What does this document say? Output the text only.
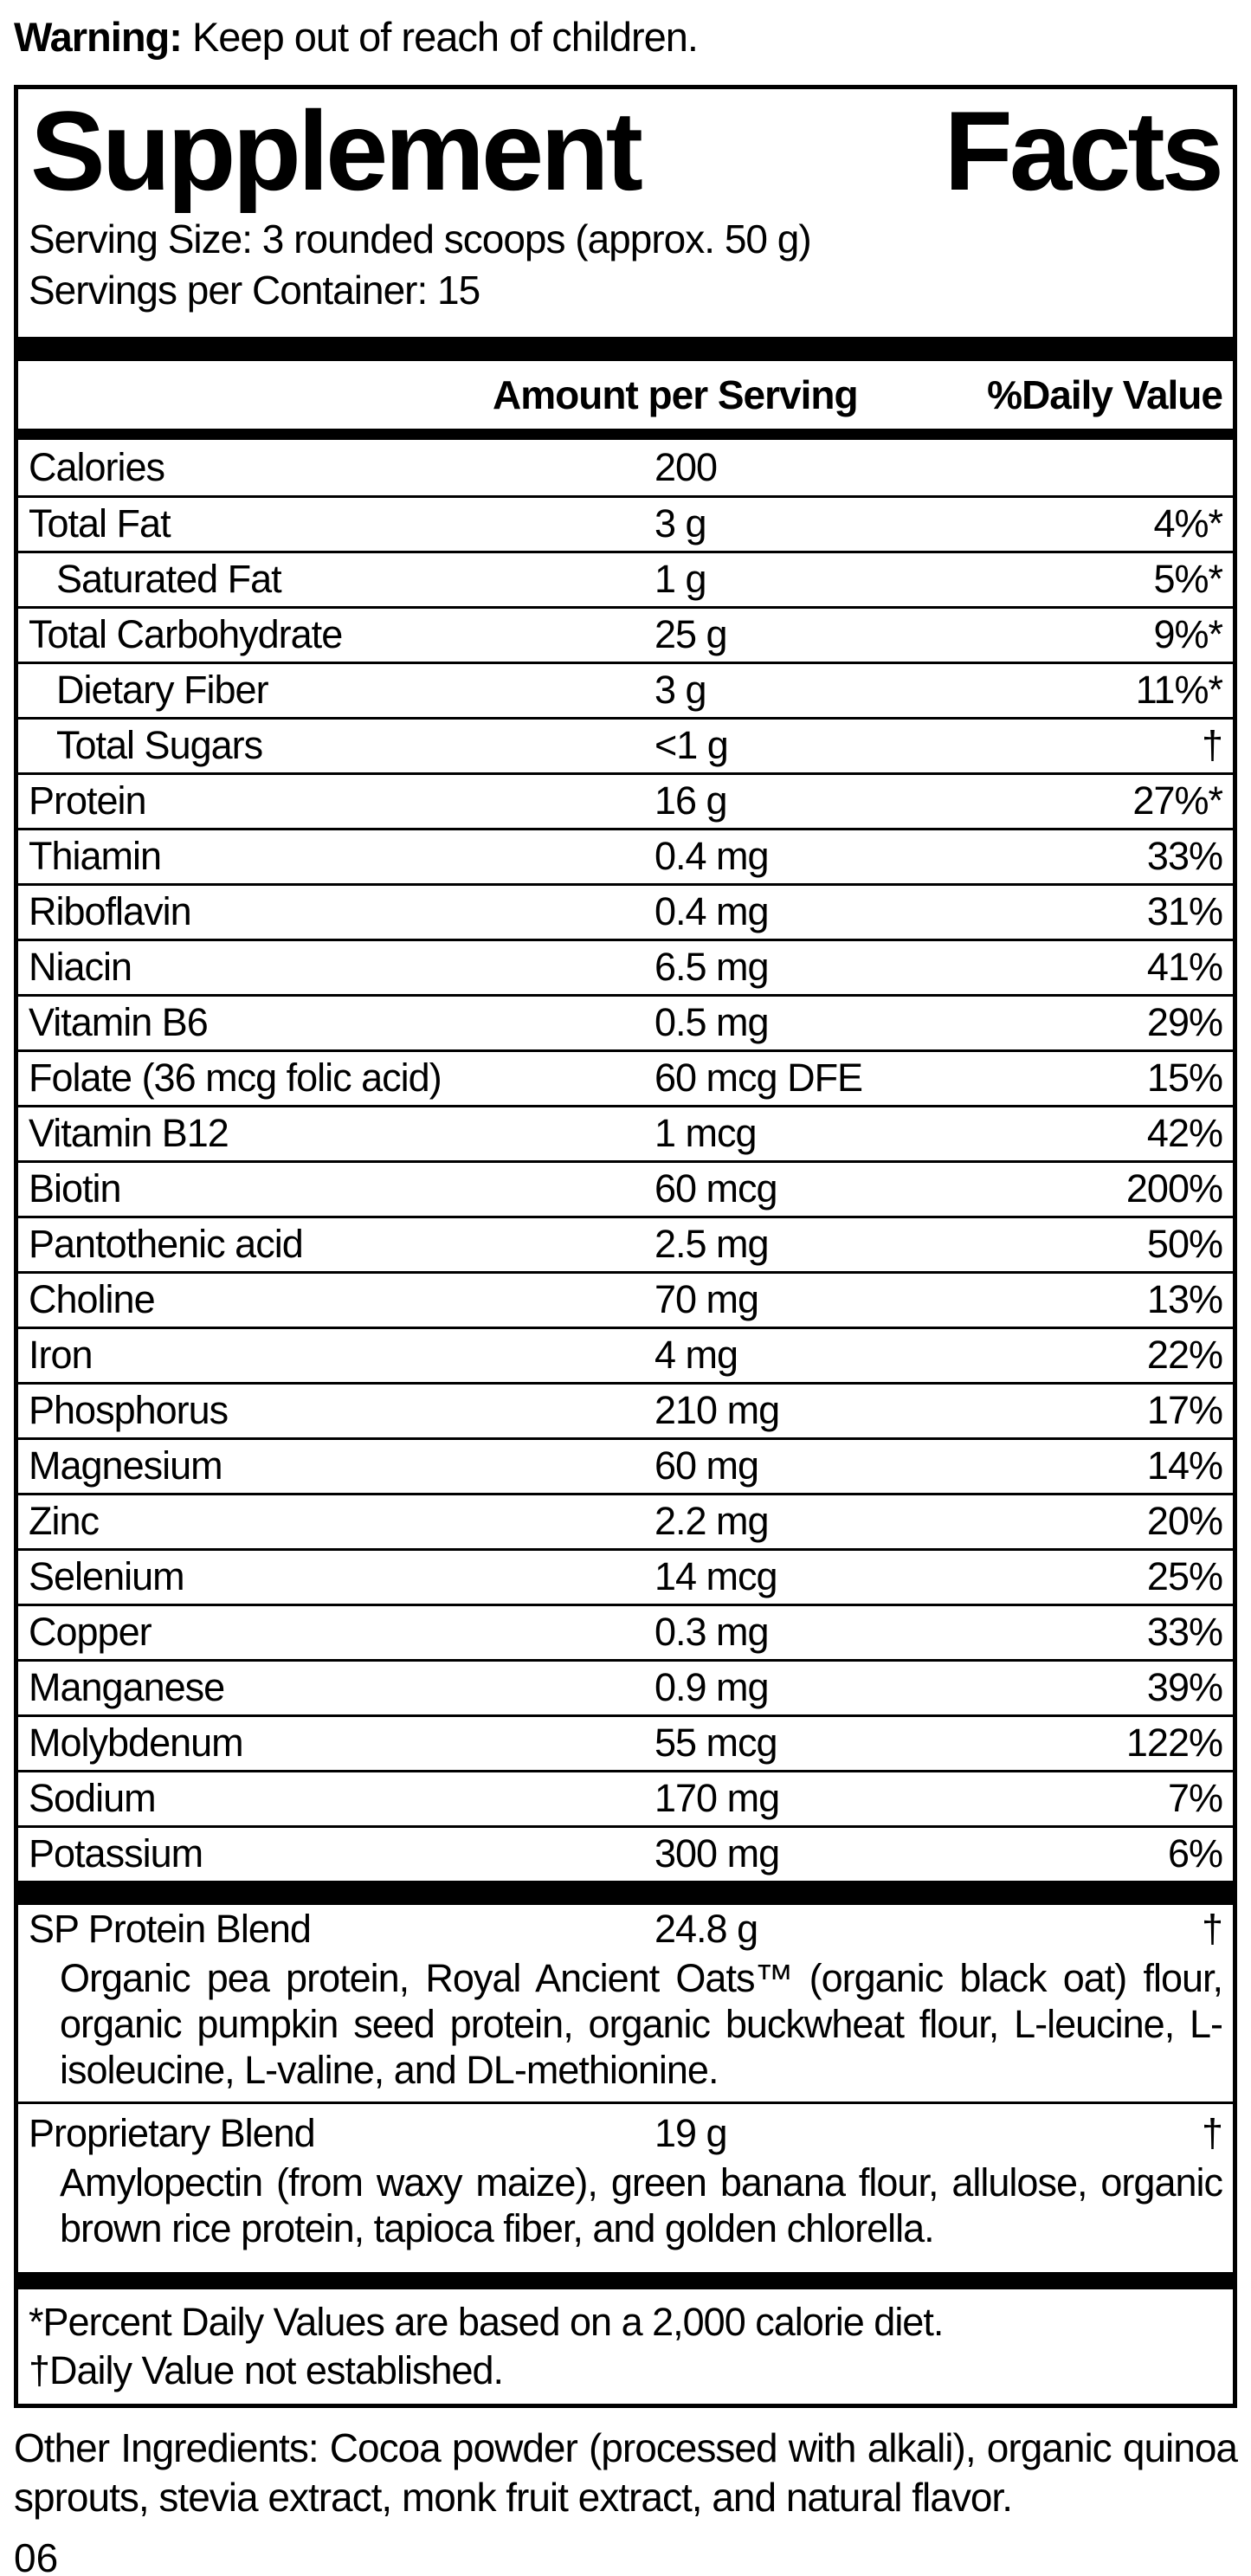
Warning: Keep out of reach of children.
Supplement	Facts
Serving Size: 3 rounded scoops (approx. 50 g)
Servings per Container: 15
Amount per Serving	%Daily Value
Calories	200
Total Fat	3 g	4%*
Saturated Fat	1 g	5%*
Total Carbohydrate	25 g	9%*
Dietary Fiber	3 g	11%*
Total Sugars	<1 g	†
Protein	16 g	27%*
Thiamin	0.4 mg	33%
Riboflavin	0.4 mg	31%
Niacin	6.5 mg	41%
Vitamin B6	0.5 mg	29%
Folate (36 mcg folic acid)	60 mcg DFE	15%
Vitamin B12	1 mcg	42%
Biotin	60 mcg	200%
Pantothenic acid	2.5 mg	50%
Choline	70 mg	13%
Iron	4 mg	22%
Phosphorus	210 mg	17%
Magnesium	60 mg	14%
Zinc	2.2 mg	20%
Selenium	14 mcg	25%
Copper	0.3 mg	33%
Manganese	0.9 mg	39%
Molybdenum	55 mcg	122%
Sodium	170 mg	7%
Potassium	300 mg	6%
SP Protein Blend	24.8 g	†
Organic pea protein, Royal Ancient Oats™ (organic black oat) flour, organic pumpkin seed protein, organic buckwheat flour, L-leucine, L-isoleucine, L-valine, and DL-methionine.
Proprietary Blend	19 g	†
Amylopectin (from waxy maize), green banana flour, allulose, organic brown rice protein, tapioca fiber, and golden chlorella.
*Percent Daily Values are based on a 2,000 calorie diet.
†Daily Value not established.
Other Ingredients: Cocoa powder (processed with alkali), organic quinoa sprouts, stevia extract, monk fruit extract, and natural flavor.
06
